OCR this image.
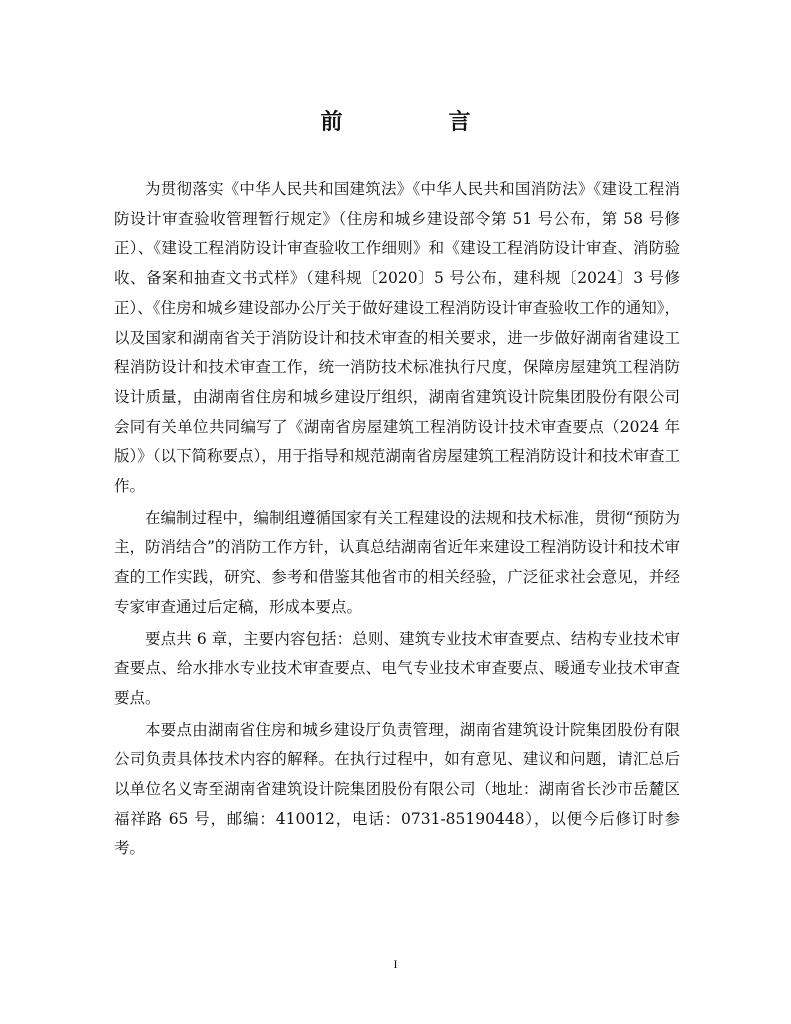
前　言

为贯彻落实《中华人民共和国建筑法》《中华人民共和国消防法》《建设工程消防设计审查验收管理暂行规定》（住房和城乡建设部令第 51 号公布，第 58 号修正）、《建设工程消防设计审查验收工作细则》和《建设工程消防设计审查、消防验收、备案和抽查文书式样》（建科规〔2020〕5 号公布，建科规〔2024〕3 号修正）、《住房和城乡建设部办公厅关于做好建设工程消防设计审查验收工作的通知》，以及国家和湖南省关于消防设计和技术审查的相关要求，进一步做好湖南省建设工程消防设计和技术审查工作，统一消防技术标准执行尺度，保障房屋建筑工程消防设计质量，由湖南省住房和城乡建设厅组织，湖南省建筑设计院集团股份有限公司会同有关单位共同编写了《湖南省房屋建筑工程消防设计技术审查要点（2024 年版）》（以下简称要点），用于指导和规范湖南省房屋建筑工程消防设计和技术审查工作。

在编制过程中，编制组遵循国家有关工程建设的法规和技术标准，贯彻“预防为主，防消结合”的消防工作方针，认真总结湖南省近年来建设工程消防设计和技术审查的工作实践，研究、参考和借鉴其他省市的相关经验，广泛征求社会意见，并经专家审查通过后定稿，形成本要点。

要点共 6 章，主要内容包括：总则、建筑专业技术审查要点、结构专业技术审查要点、给水排水专业技术审查要点、电气专业技术审查要点、暖通专业技术审查要点。

本要点由湖南省住房和城乡建设厅负责管理，湖南省建筑设计院集团股份有限公司负责具体技术内容的解释。在执行过程中，如有意见、建议和问题，请汇总后以单位名义寄至湖南省建筑设计院集团股份有限公司（地址：湖南省长沙市岳麓区福祥路 65 号，邮编：410012，电话：0731-85190448），以便今后修订时参考。

I
